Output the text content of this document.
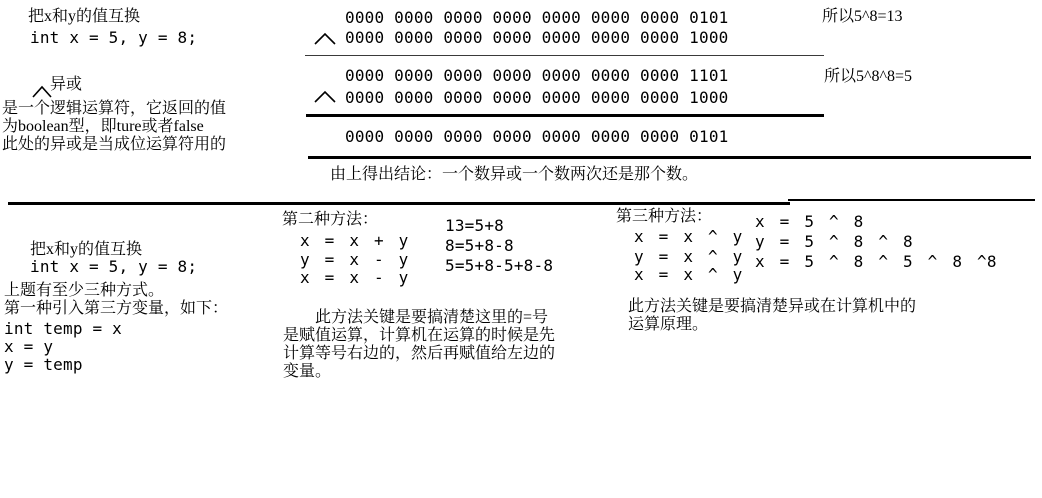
把x和y的值互换
int x = 5, y = 8;
异或
是一个逻辑运算符，它返回的值
为boolean型，即ture或者false
此处的异或是当成位运算符用的
0000 0000 0000 0000 0000 0000 0000 0101
0000 0000 0000 0000 0000 0000 0000 1000
0000 0000 0000 0000 0000 0000 0000 1101
0000 0000 0000 0000 0000 0000 0000 1000
0000 0000 0000 0000 0000 0000 0000 0101
由上得出结论：一个数异或一个数两次还是那个数。
所以5^8=13
所以5^8^8=5
把x和y的值互换
int x = 5, y = 8;
上题有至少三种方式。
第一种引入第三方变量，如下：
int temp = x
x = y
y = temp
第二种方法：
x = x + y
y = x - y
x = x - y
13=5+8
8=5+8-8
5=5+8-5+8-8
此方法关键是要搞清楚这里的=号
是赋值运算，计算机在运算的时候是先
计算等号右边的，然后再赋值给左边的
变量。
第三种方法：
x = x ^ y
y = x ^ y
x = x ^ y
x = 5 ^ 8
y = 5 ^ 8 ^ 8
x = 5 ^ 8 ^ 5 ^ 8 ^8
此方法关键是要搞清楚异或在计算机中的
运算原理。
